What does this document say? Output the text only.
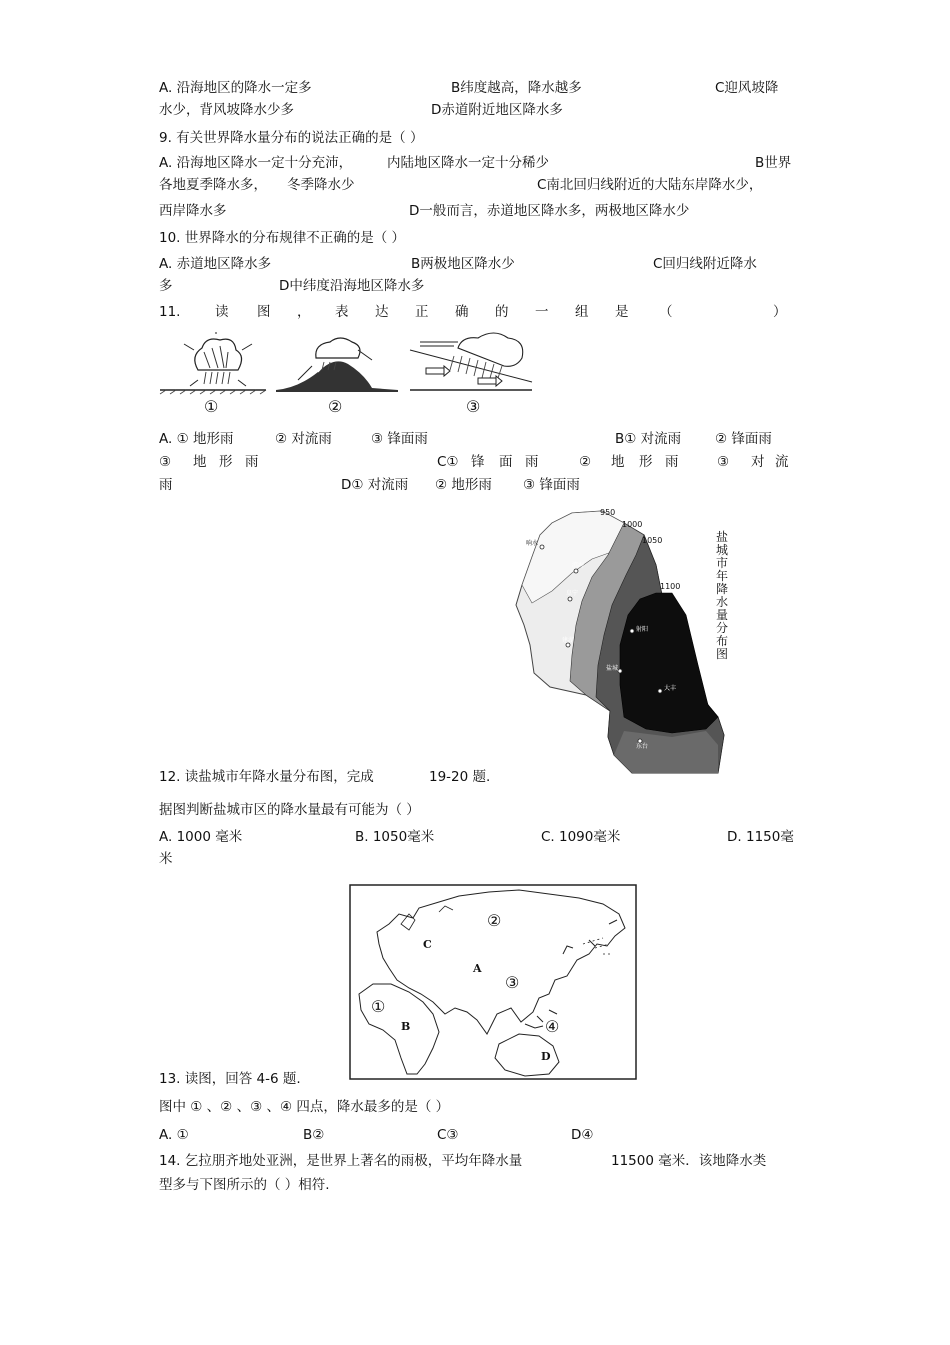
A. 沿海地区的降水一定多	B纬度越高，降水越多	C迎风坡降
水少，背风坡降水少多	D赤道附近地区降水多
9. 有关世界降水量分布的说法正确的是（ ）
A. 沿海地区降水一定十分充沛，	内陆地区降水一定十分稀少	B世界
各地夏季降水多， 冬季降水少	C南北回归线附近的大陆东岸降水少，
西岸降水多	D一般而言，赤道地区降水多，两极地区降水少
10. 世界降水的分布规律不正确的是（ ）
A. 赤道地区降水多	B两极地区降水少	C回归线附近降水
多	D中纬度沿海地区降水多
11.	读 图 ， 表 达 正 确 的 一 组 是 （	）
①	②	③
A. ① 地形雨	② 对流雨	③ 锋面雨	B① 对流雨	② 锋面雨
③ 地 形 雨	C① 锋 面 雨	② 地 形 雨	③ 对 流
雨	D① 对流雨 ② 地形雨 ③ 锋面雨
950
1000
1050
1100
响水
滨海
阜宁
射阳
建湖
盐城
大丰
东台
盐城市年降水量分布图
12. 读盐城市年降水量分布图，完成	19-20 题.
据图判断盐城市区的降水量最有可能为（ ）
A. 1000 毫米	B. 1050毫米	C. 1090毫米	D. 1150毫
米
C
②
A
③
①
B	④
D
13. 读图，回答 4-6 题.
图中 ① 、② 、③ 、④ 四点，降水最多的是（ ）
A. ①	B②	C③	D④
14. 乞拉朋齐地处亚洲，是世界上著名的雨极，平均年降水量	11500 毫米．该地降水类
型多与下图所示的（ ）相符.
